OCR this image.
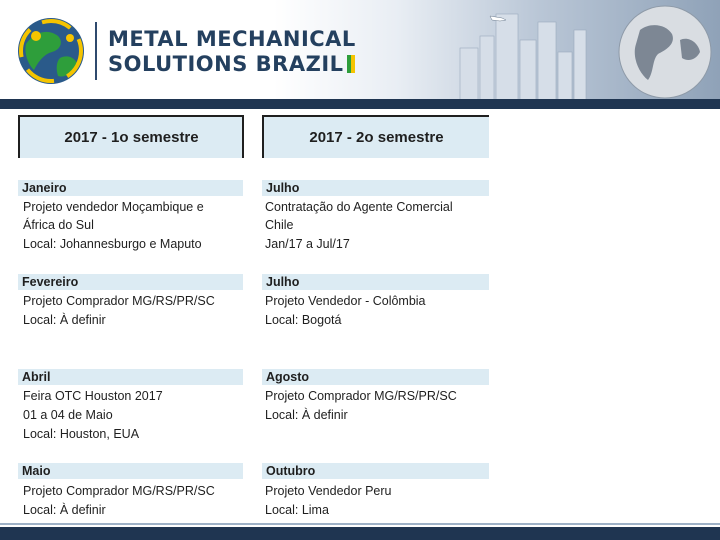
METAL MECHANICAL
SOLUTIONS BRAZIL
2017 - 1o semestre	2017 - 2o semestre
Janeiro
Projeto vendedor Moçambique e
África do Sul
Local: Johannesburgo e Maputo
Fevereiro
Projeto Comprador MG/RS/PR/SC
Local: À definir
Abril
Feira OTC Houston 2017
01 a 04 de Maio
Local: Houston, EUA
Maio
Projeto Comprador MG/RS/PR/SC
Local: À definir
Julho
Contratação do Agente Comercial
Chile
Jan/17 a Jul/17
Julho
Projeto Vendedor - Colômbia
Local: Bogotá
Agosto
Projeto Comprador MG/RS/PR/SC
Local: À definir
Outubro
Projeto Vendedor Peru
Local: Lima
